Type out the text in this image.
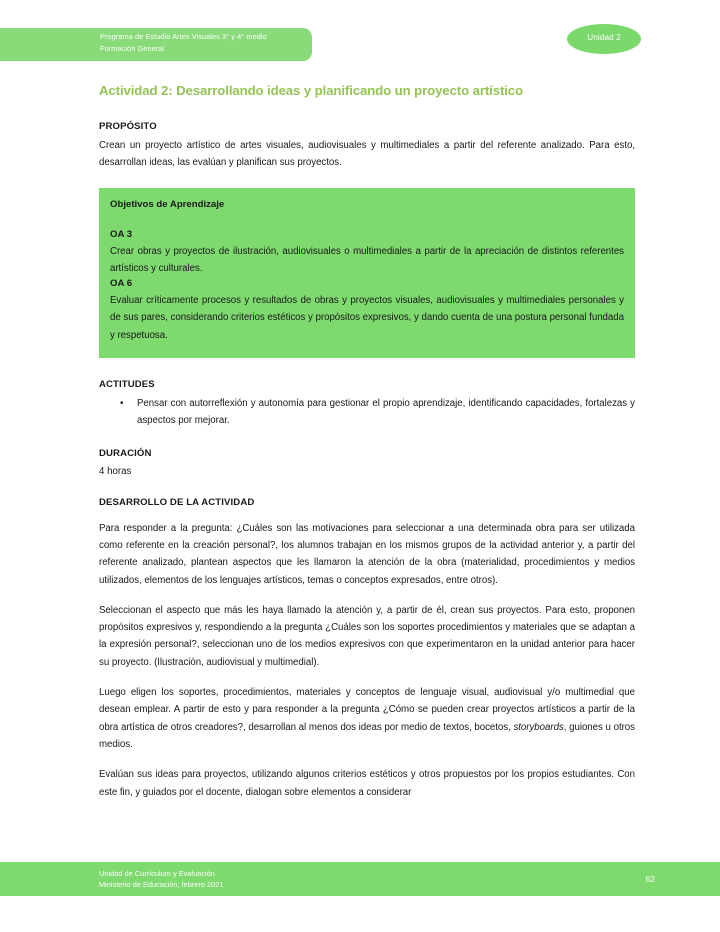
Programa de Estudio Artes Visuales 3° y 4° medio
Formación General
Unidad 2
Actividad 2: Desarrollando ideas y planificando un proyecto artístico
PROPÓSITO

Crean un proyecto artístico de artes visuales, audiovisuales y multimediales a partir del referente analizado. Para esto, desarrollan ideas, las evalúan y planifican sus proyectos.

Objetivos de Aprendizaje
OA 3

Crear obras y proyectos de ilustración, audiovisuales o multimediales a partir de la apreciación de distintos referentes artísticos y culturales.

OA 6

Evaluar críticamente procesos y resultados de obras y proyectos visuales, audiovisuales y multimediales personales y de sus pares, considerando criterios estéticos y propósitos expresivos, y dando cuenta de una postura personal fundada y respetuosa.

ACTITUDES
• Pensar con autorreflexión y autonomía para gestionar el propio aprendizaje, identificando capacidades, fortalezas y aspectos por mejorar.
DURACIÓN

4 horas

DESARROLLO DE LA ACTIVIDAD

Para responder a la pregunta: ¿Cuáles son las motivaciones para seleccionar a una determinada obra para ser utilizada como referente en la creación personal?, los alumnos trabajan en los mismos grupos de la actividad anterior y, a partir del referente analizado, plantean aspectos que les llamaron la atención de la obra (materialidad, procedimientos y medios utilizados, elementos de los lenguajes artísticos, temas o conceptos expresados, entre otros).

Seleccionan el aspecto que más les haya llamado la atención y, a partir de él, crean sus proyectos. Para esto, proponen propósitos expresivos y, respondiendo a la pregunta ¿Cuáles son los soportes procedimientos y materiales que se adaptan a la expresión personal?, seleccionan uno de los medios expresivos con que experimentaron en la unidad anterior para hacer su proyecto. (Ilustración, audiovisual y multimedial).

Luego eligen los soportes, procedimientos, materiales y conceptos de lenguaje visual, audiovisual y/o multimedial que desean emplear. A partir de esto y para responder a la pregunta ¿Cómo se pueden crear proyectos artísticos a partir de la obra artística de otros creadores?, desarrollan al menos dos ideas por medio de textos, bocetos, storyboards, guiones u otros medios.

Evalúan sus ideas para proyectos, utilizando algunos criterios estéticos y otros propuestos por los propios estudiantes. Con este fin, y guiados por el docente, dialogan sobre elementos a considerar

Unidad de Currículum y Evaluación
Ministerio de Educación, febrero 2021
62
